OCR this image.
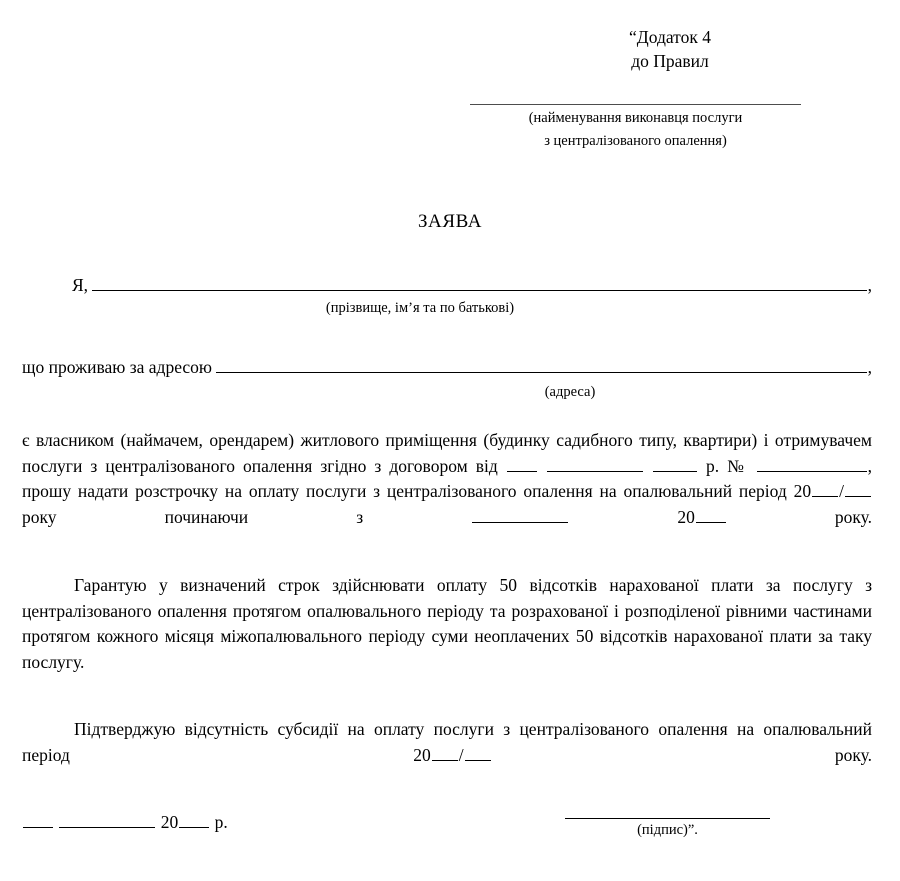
“Додаток 4
до Правил
(найменування виконавця послуги
з централізованого опалення)
ЗАЯВА
Я,	,
(прізвище, ім’я та по батькові)
що проживаю за адресою	,
(адреса)

є власником (наймачем, орендарем) житлового приміщення (будинку садибного типу, квартири) і отримувачем послуги з централізованого опалення згідно з договором від	р. №	, прошу надати розстрочку на оплату послуги з централізованого опалення на опалювальний період 20 / року починаючи з	20	року.

Гарантую у визначений строк здійснювати оплату 50 відсотків нарахованої плати за послугу з централізованого опалення протягом опалювального періоду та розрахованої і розподіленої рівними частинами протягом кожного місяця міжопалювального періоду суми неоплачених 50 відсотків нарахованої плати за таку послугу.

Підтверджую відсутність субсидії на оплату послуги з централізованого опалення на опалювальний період	20 /	року.

20 р.	(підпис)”.
